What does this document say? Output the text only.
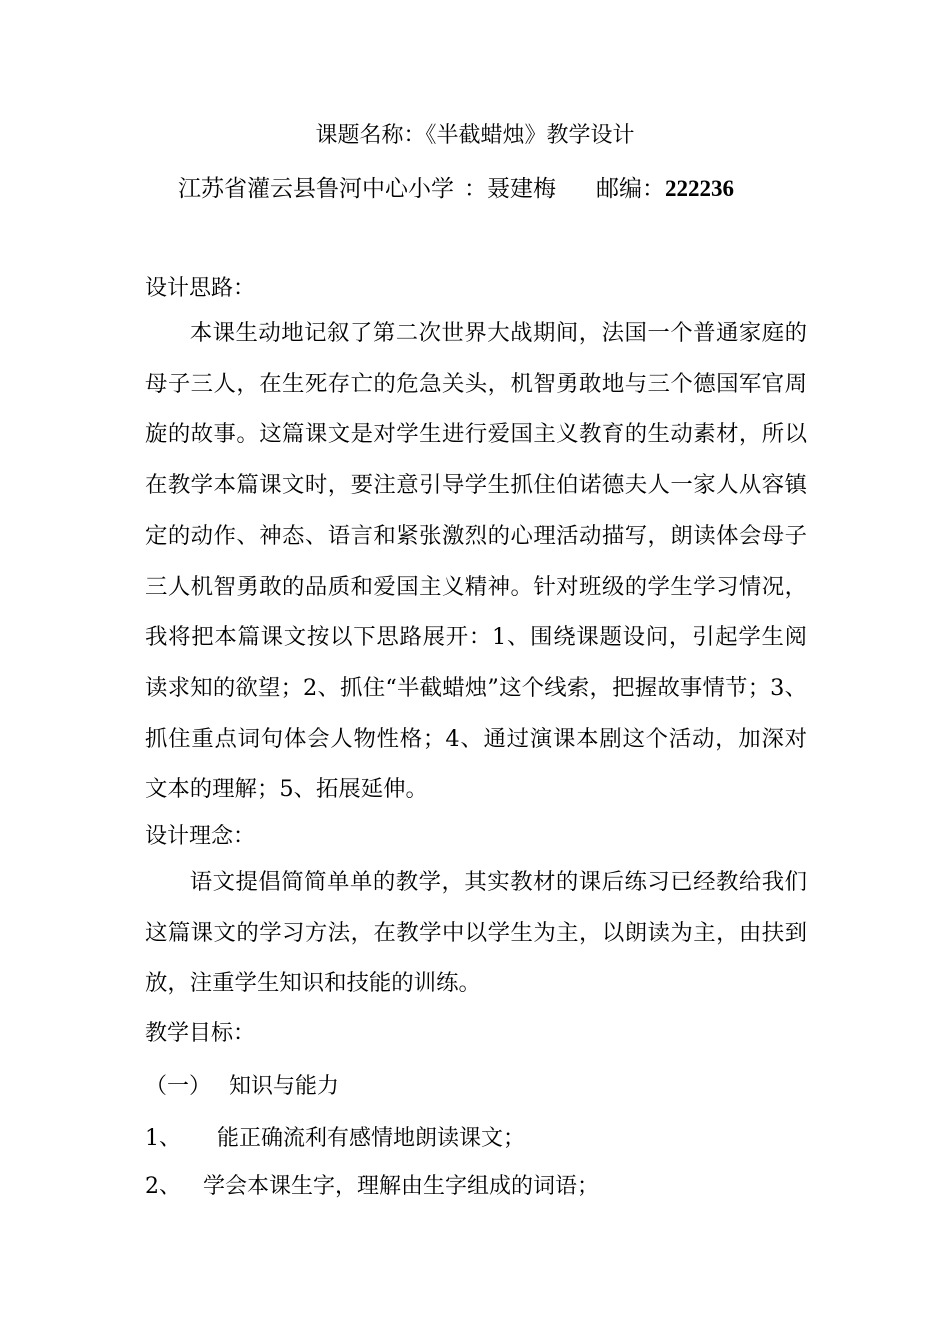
课题名称：《半截蜡烛》教学设计
江苏省灌云县鲁河中心小学 ：聂建梅 邮编：222236
设计思路：
本课生动地记叙了第二次世界大战期间，法国一个普通家庭的母子三人，在生死存亡的危急关头，机智勇敢地与三个德国军官周旋的故事。这篇课文是对学生进行爱国主义教育的生动素材，所以在教学本篇课文时，要注意引导学生抓住伯诺德夫人一家人从容镇定的动作、神态、语言和紧张激烈的心理活动描写，朗读体会母子三人机智勇敢的品质和爱国主义精神。针对班级的学生学习情况，我将把本篇课文按以下思路展开：1、围绕课题设问，引起学生阅读求知的欲望；2、抓住“半截蜡烛”这个线索，把握故事情节；3、抓住重点词句体会人物性格；4、通过演课本剧这个活动，加深对文本的理解；5、拓展延伸。
设计理念：
语文提倡简简单单的教学，其实教材的课后练习已经教给我们这篇课文的学习方法，在教学中以学生为主，以朗读为主，由扶到放，注重学生知识和技能的训练。
教学目标：
（一） 知识与能力
1、 能正确流利有感情地朗读课文；
2、 学会本课生字，理解由生字组成的词语；
